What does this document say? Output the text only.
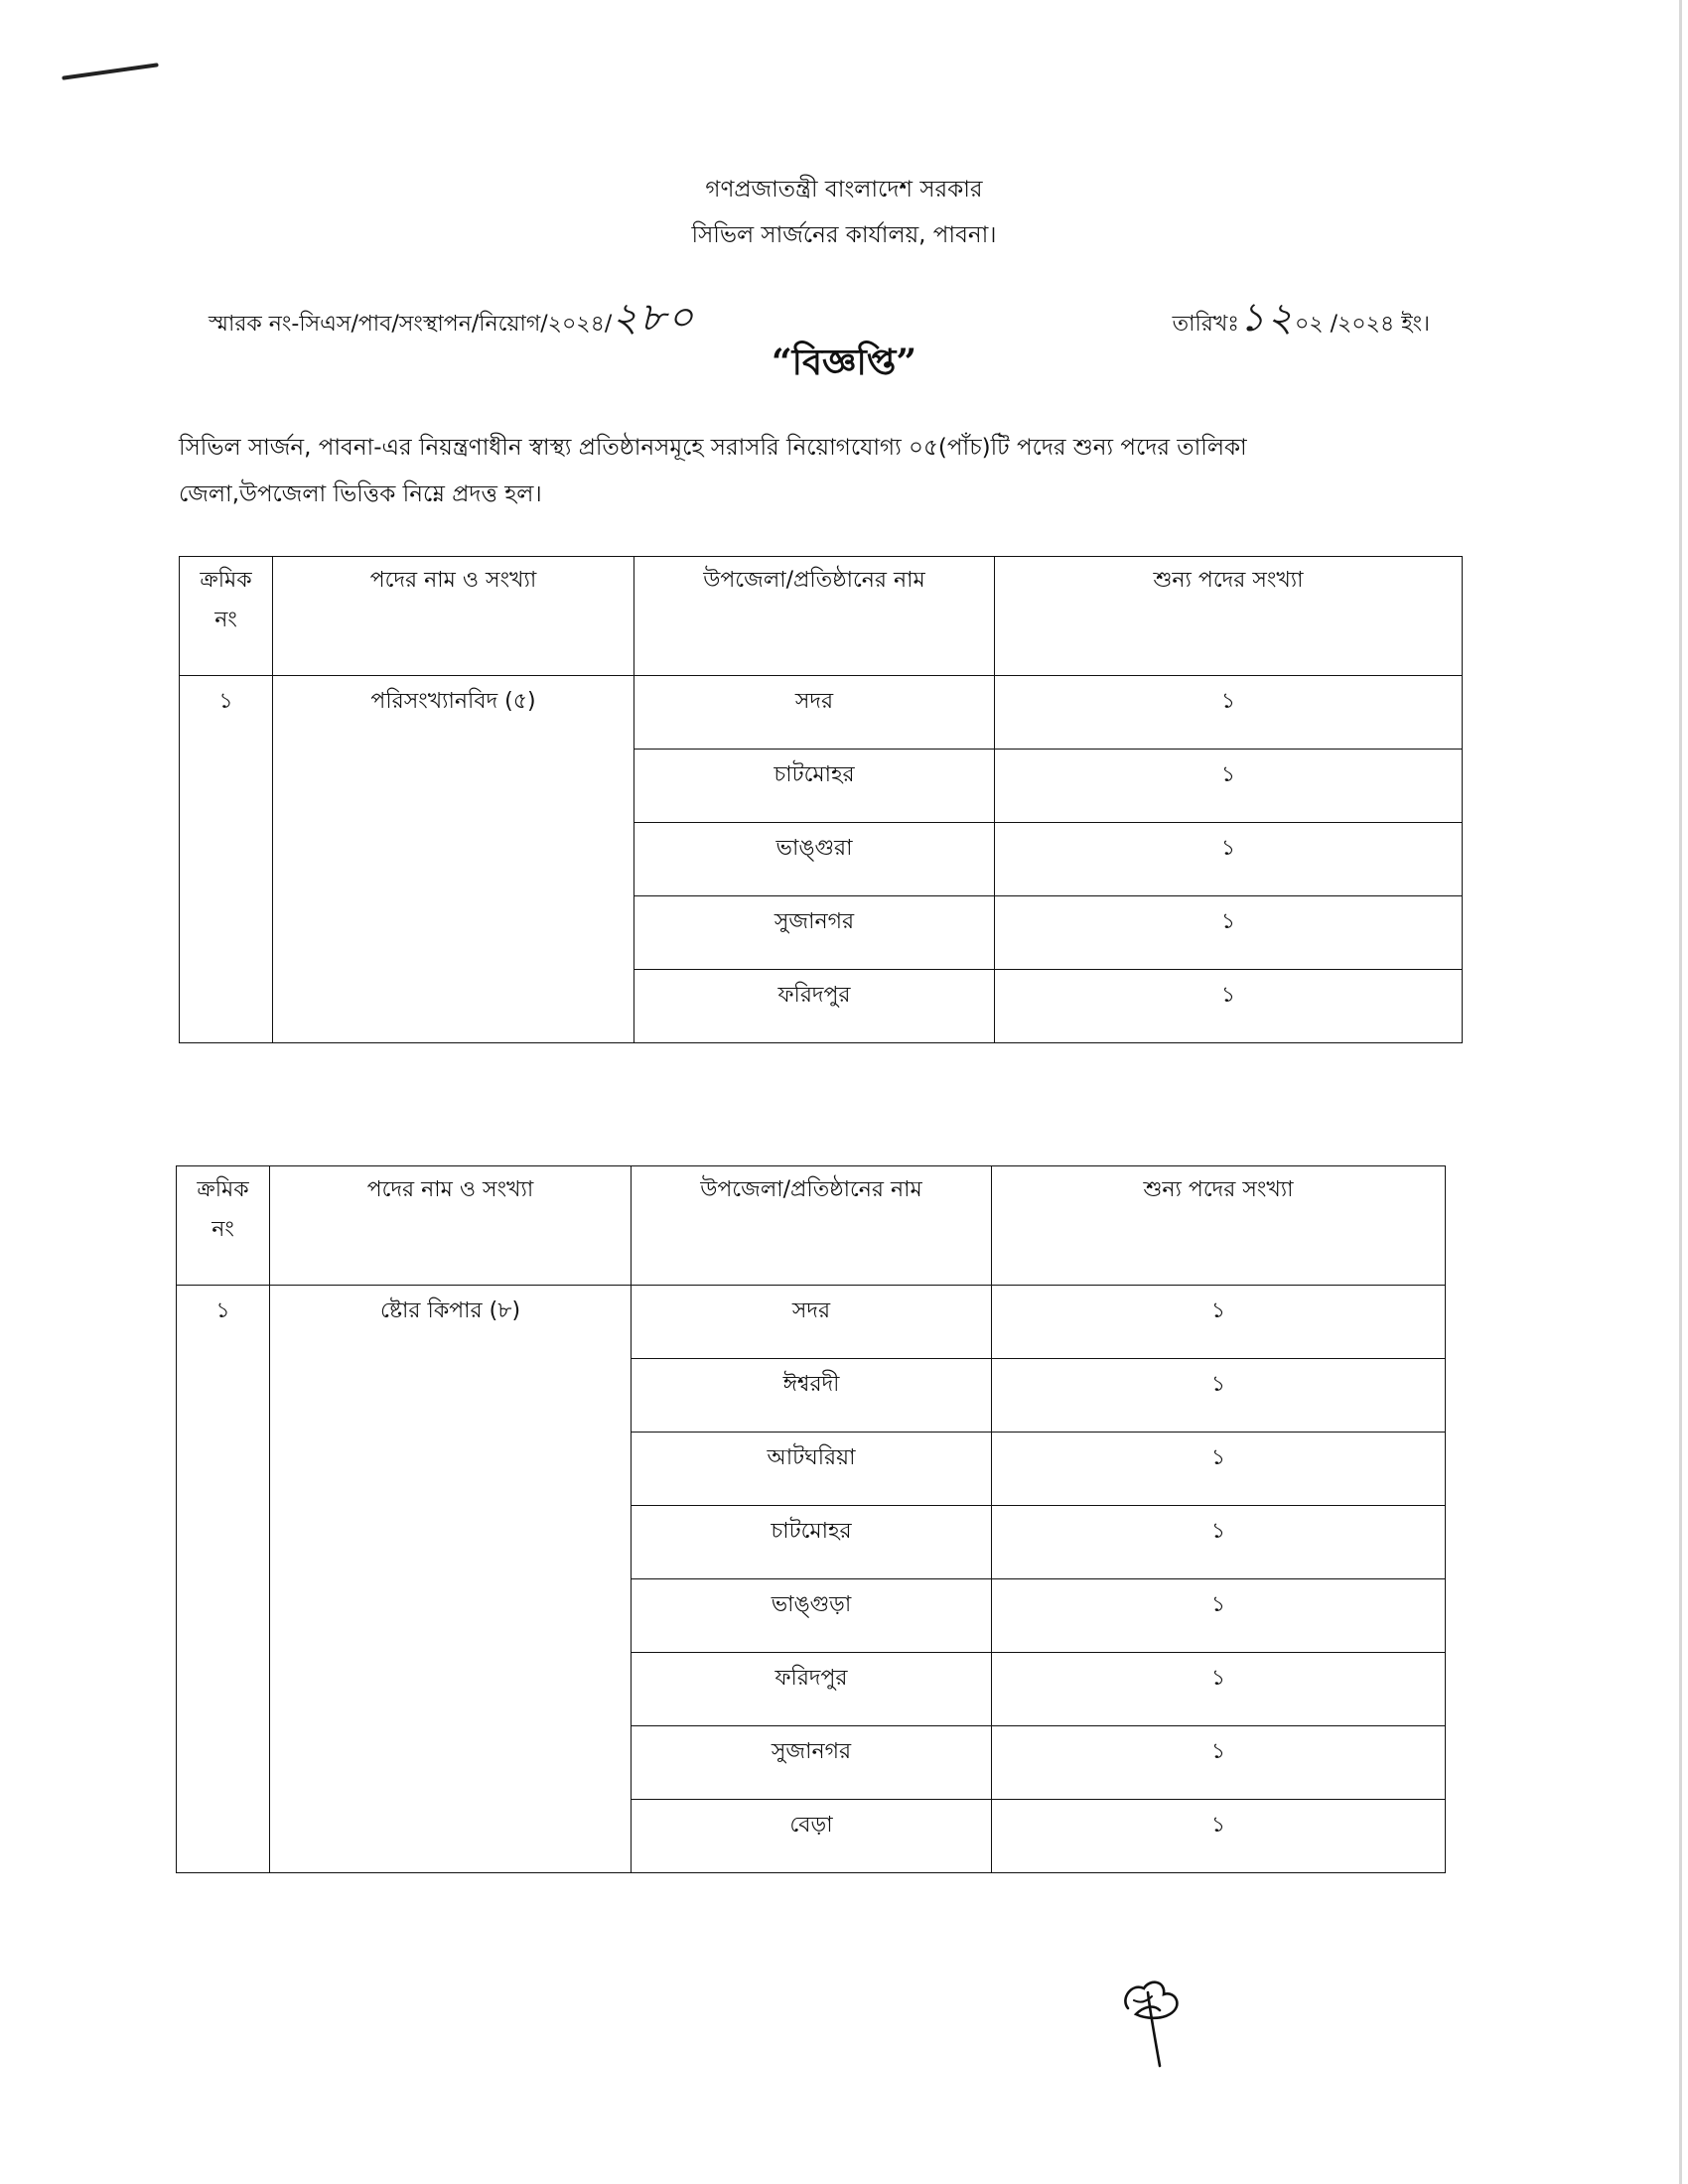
গণপ্রজাতন্ত্রী বাংলাদেশ সরকার
সিভিল সার্জনের কার্যালয়, পাবনা।
স্মারক নং-সিএস/পাব/সংস্থাপন/নিয়োগ/২০২৪/২৮০	তারিখঃ১২০২ /২০২৪ ইং।
“বিজ্ঞপ্তি”
সিভিল সার্জন, পাবনা-এর নিয়ন্ত্রণাধীন স্বাস্থ্য প্রতিষ্ঠানসমূহে সরাসরি নিয়োগযোগ্য ০৫(পাঁচ)টি পদের শুন্য পদের তালিকা
জেলা,উপজেলা ভিত্তিক নিম্নে প্রদত্ত হল।
ক্রমিক
নং	পদের নাম ও সংখ্যা	উপজেলা/প্রতিষ্ঠানের নাম	শুন্য পদের সংখ্যা
১	পরিসংখ্যানবিদ (৫)	সদর	১
		চাটমোহর	১
		ভাঙ্গুরা	১
		সুজানগর	১
		ফরিদপুর	১
ক্রমিক
নং	পদের নাম ও সংখ্যা	উপজেলা/প্রতিষ্ঠানের নাম	শুন্য পদের সংখ্যা
১	ষ্টোর কিপার (৮)	সদর	১
		ঈশ্বরদী	১
		আটঘরিয়া	১
		চাটমোহর	১
		ভাঙ্গুড়া	১
		ফরিদপুর	১
		সুজানগর	১
		বেড়া	১
